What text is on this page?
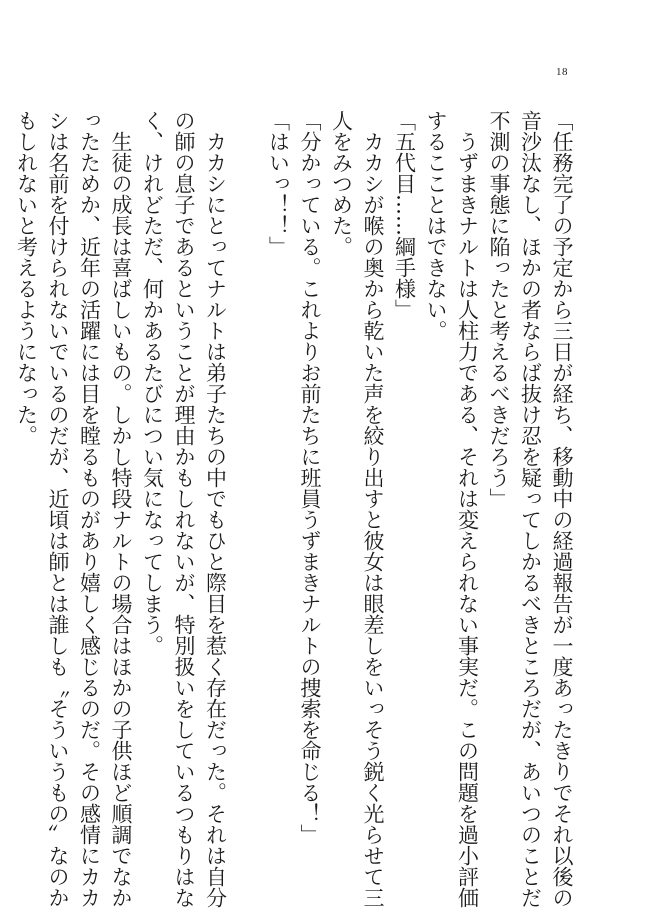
18

「任務完了の予定から三日が経ち、移動中の経過報告が一度あったきりでそれ以後の

音沙汰なし、ほかの者ならば抜け忍を疑ってしかるべきところだが、あいつのことだ

不測の事態に陥ったと考えるべきだろう」

　うずまきナルトは人柱力である、それは変えられない事実だ。この問題を過小評価

するこことはできない。

「五代目……綱手様」

　カカシが喉の奥から乾いた声を絞り出すと彼女は眼差しをいっそう鋭く光らせて三

人をみつめた。

「分かっている。これよりお前たちに班員うずまきナルトの捜索を命じる！」

「はいっ！！」

　カカシにとってナルトは弟子たちの中でもひと際目を惹く存在だった。それは自分

の師の息子であるということが理由かもしれないが、特別扱いをしているつもりはな

く、けれどただ、何かあるたびについ気になってしまう。

　生徒の成長は喜ばしいもの。しかし特段ナルトの場合はほかの子供ほど順調でなか

ったためか、近年の活躍には目を瞠るものがあり嬉しく感じるのだ。その感情にカカ

シは名前を付けられないでいるのだが、近頃は師とは誰しも〝そういうもの〟なのか

もしれないと考えるようになった。
